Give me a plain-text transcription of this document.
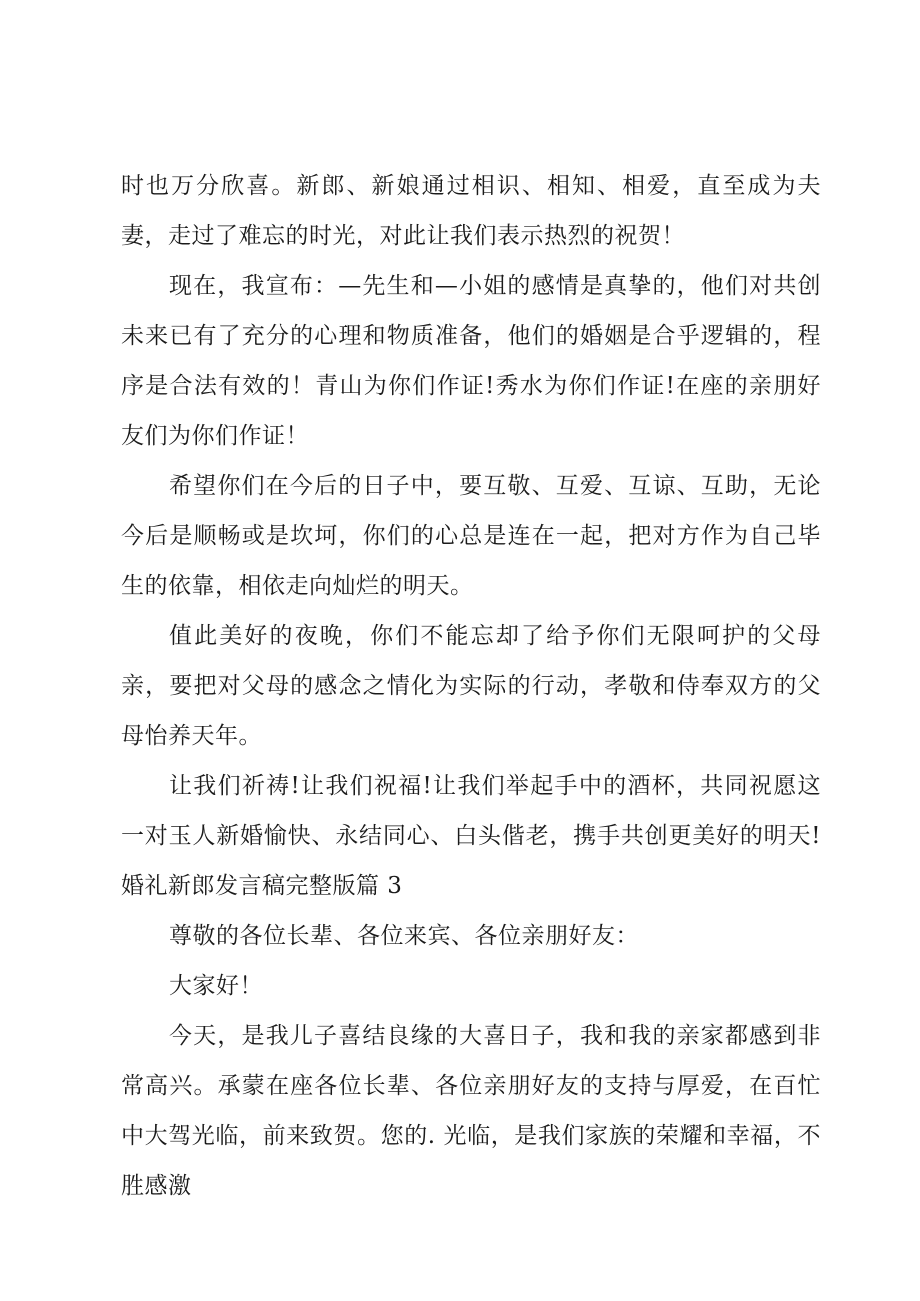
时也万分欣喜。新郎、新娘通过相识、相知、相爱，直至成为夫妻，走过了难忘的时光，对此让我们表示热烈的祝贺！

现在，我宣布：—先生和—小姐的感情是真挚的，他们对共创未来已有了充分的心理和物质准备，他们的婚姻是合乎逻辑的，程序是合法有效的！青山为你们作证!秀水为你们作证!在座的亲朋好友们为你们作证！

希望你们在今后的日子中，要互敬、互爱、互谅、互助，无论今后是顺畅或是坎坷，你们的心总是连在一起，把对方作为自己毕生的依靠，相依走向灿烂的明天。

值此美好的夜晚，你们不能忘却了给予你们无限呵护的父母亲，要把对父母的感念之情化为实际的行动，孝敬和侍奉双方的父母怡养天年。

让我们祈祷!让我们祝福!让我们举起手中的酒杯，共同祝愿这一对玉人新婚愉快、永结同心、白头偕老，携手共创更美好的明天!婚礼新郎发言稿完整版篇 3

尊敬的各位长辈、各位来宾、各位亲朋好友：

大家好！

今天，是我儿子喜结良缘的大喜日子，我和我的亲家都感到非常高兴。承蒙在座各位长辈、各位亲朋好友的支持与厚爱，在百忙中大驾光临，前来致贺。您的. 光临，是我们家族的荣耀和幸福，不胜感激
